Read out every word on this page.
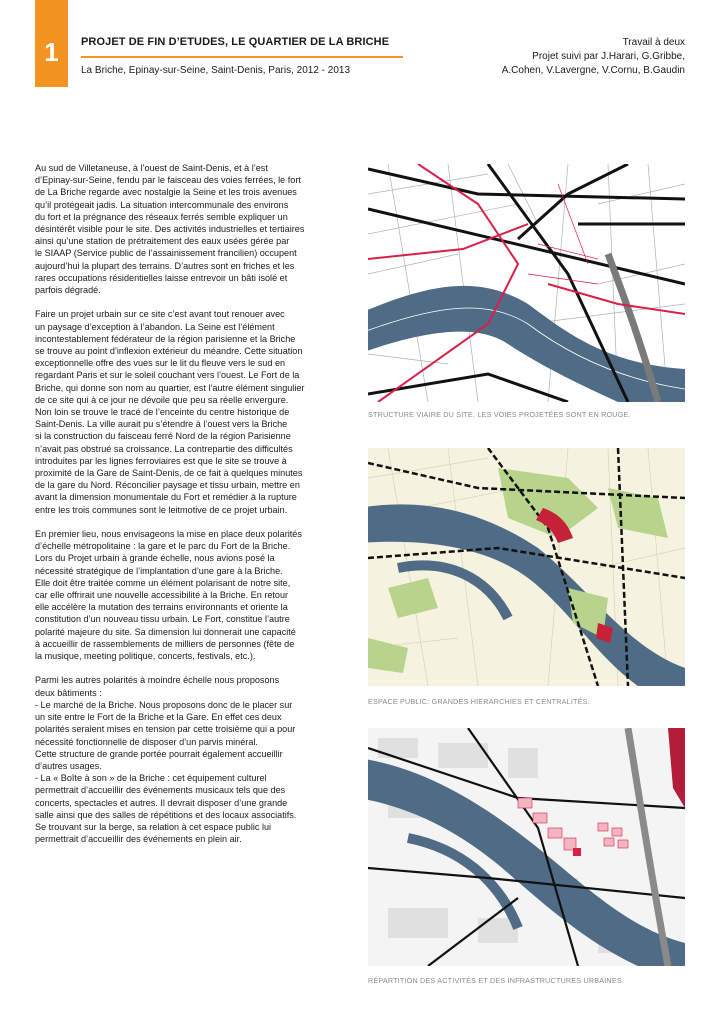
1	PROJET DE FIN D’ETUDES, LE QUARTIER DE LA BRICHE
La Briche, Epinay-sur-Seine, Saint-Denis, Paris, 2012 - 2013
Travail à deux
Projet suivi par J.Harari, G.Gribbe,
A.Cohen, V.Lavergne, V.Cornu, B.Gaudin

Au sud de Villetaneuse, à l’ouest de Saint-Denis, et à l’est
d’Epinay-sur-Seine, fendu par le faisceau des voies ferrées, le fort
de La Briche regarde avec nostalgie la Seine et les trois avenues
qu’il protégeait jadis. La situation intercommunale des environs
du fort et la prégnance des réseaux ferrés semble expliquer un
désintérêt visible pour le site. Des activités industrielles et tertiaires
ainsi qu’une station de prétraitement des eaux usées gérée par
le SIAAP (Service public de l’assainissement francilien) occupent
aujourd’hui la plupart des terrains. D’autres sont en friches et les
rares occupations résidentielles laisse entrevoir un bâti isolé et
parfois dégradé.

Faire un projet urbain sur ce site c’est avant tout renouer avec
un paysage d’exception à l’abandon. La Seine est l’élément
incontestablement fédérateur de la région parisienne et la Briche
se trouve au point d’inflexion extérieur du méandre. Cette situation
exceptionnelle offre des vues sur le lit du fleuve vers le sud en
regardant Paris et sur le soleil couchant vers l’ouest. Le Fort de la
Briche, qui donne son nom au quartier, est l’autre élément singulier
de ce site qui à ce jour ne dévoile que peu sa réelle envergure.
Non loin se trouve le tracé de l’enceinte du centre historique de
Saint-Denis. La ville aurait pu s’étendre à l’ouest vers la Briche
si la construction du faisceau ferré Nord de la région Parisienne
n’avait pas obstrué sa croissance. La contrepartie des difficultés
introduites par les lignes ferroviaires est que le site se trouve à
proximité de la Gare de Saint-Denis, de ce fait à quelques minutes
de la gare du Nord. Réconcilier paysage et tissu urbain, mettre en
avant la dimension monumentale du Fort et remédier à la rupture
entre les trois communes sont le leitmotive de ce projet urbain.

En premier lieu, nous envisageons la mise en place deux polarités
d’échelle métropolitaine : la gare et le parc du Fort de la Briche.
Lors du Projet urbain à grande échelle, nous avions posé la
nécessité stratégique de l’implantation d’une gare à la Briche.
Elle doit être traitée comme un élément polarisant de notre site,
car elle offrirait une nouvelle accessibilité à la Briche. En retour
elle accélère la mutation des terrains environnants et oriente la
constitution d’un nouveau tissu urbain. Le Fort, constitue l’autre
polarité majeure du site. Sa dimension lui donnerait une capacité
à accueillir de rassemblements de milliers de personnes (fête de
la musique, meeting politique, concerts, festivals, etc.).

Parmi les autres polarités à moindre échelle nous proposons
deux bâtiments :
- Le marché de la Briche. Nous proposons donc de le placer sur
un site entre le Fort de la Briche et la Gare. En effet ces deux
polarités seraient mises en tension par cette troisième qui a pour
nécessité fonctionnelle de disposer d’un parvis minéral.
Cette structure de grande portée pourrait également accueillir
d’autres usages.
- La « Boîte à son » de la Briche : cet équipement culturel
permettrait d’accueillir des événements musicaux tels que des
concerts, spectacles et autres. Il devrait disposer d’une grande
salle ainsi que des salles de répétitions et des locaux associatifs.
Se trouvant sur la berge, sa relation à cet espace public lui
permettrait d’accueillir des événements en plein air.

STRUCTURE VIAIRE DU SITE. LES VOIES PROJETÉES SONT EN ROUGE.
ESPACE PUBLIC: GRANDES HIERARCHIES ET CENTRALITÉS.
RÉPARTITION DES ACTIVITÉS ET DES INFRASTRUCTURES URBAINES.
